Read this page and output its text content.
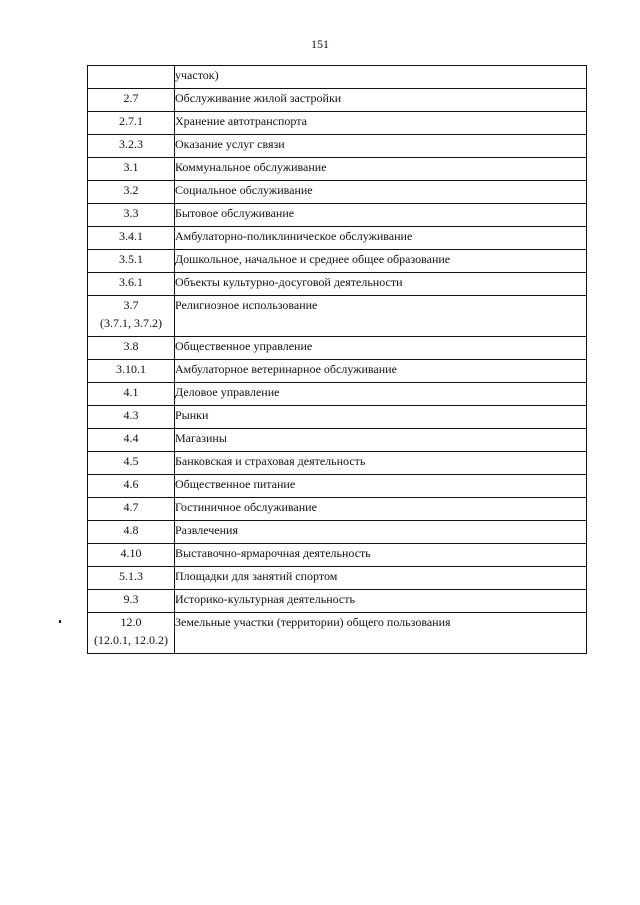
151
	участок)
2.7	Обслуживание жилой застройки
2.7.1	Хранение автотранспорта
3.2.3	Оказание услуг связи
3.1	Коммунальное обслуживание
3.2	Социальное обслуживание
3.3	Бытовое обслуживание
3.4.1	Амбулаторно-поликлиническое обслуживание
3.5.1	Дошкольное, начальное и среднее общее образование
3.6.1	Объекты культурно-досуговой деятельности

3.7
(3.7.1, 3.7.2)	Религиозное использование
3.8	Общественное управление
3.10.1	Амбулаторное ветеринарное обслуживание
4.1	Деловое управление
4.3	Рынки
4.4	Магазины
4.5	Банковская и страховая деятельность
4.6	Общественное питание
4.7	Гостиничное обслуживание
4.8	Развлечения
4.10	Выставочно-ярмарочная деятельность
5.1.3	Площадки для занятий спортом
9.3	Историко-культурная деятельность

12.0
(12.0.1, 12.0.2)	Земельные участки (территории) общего пользования
